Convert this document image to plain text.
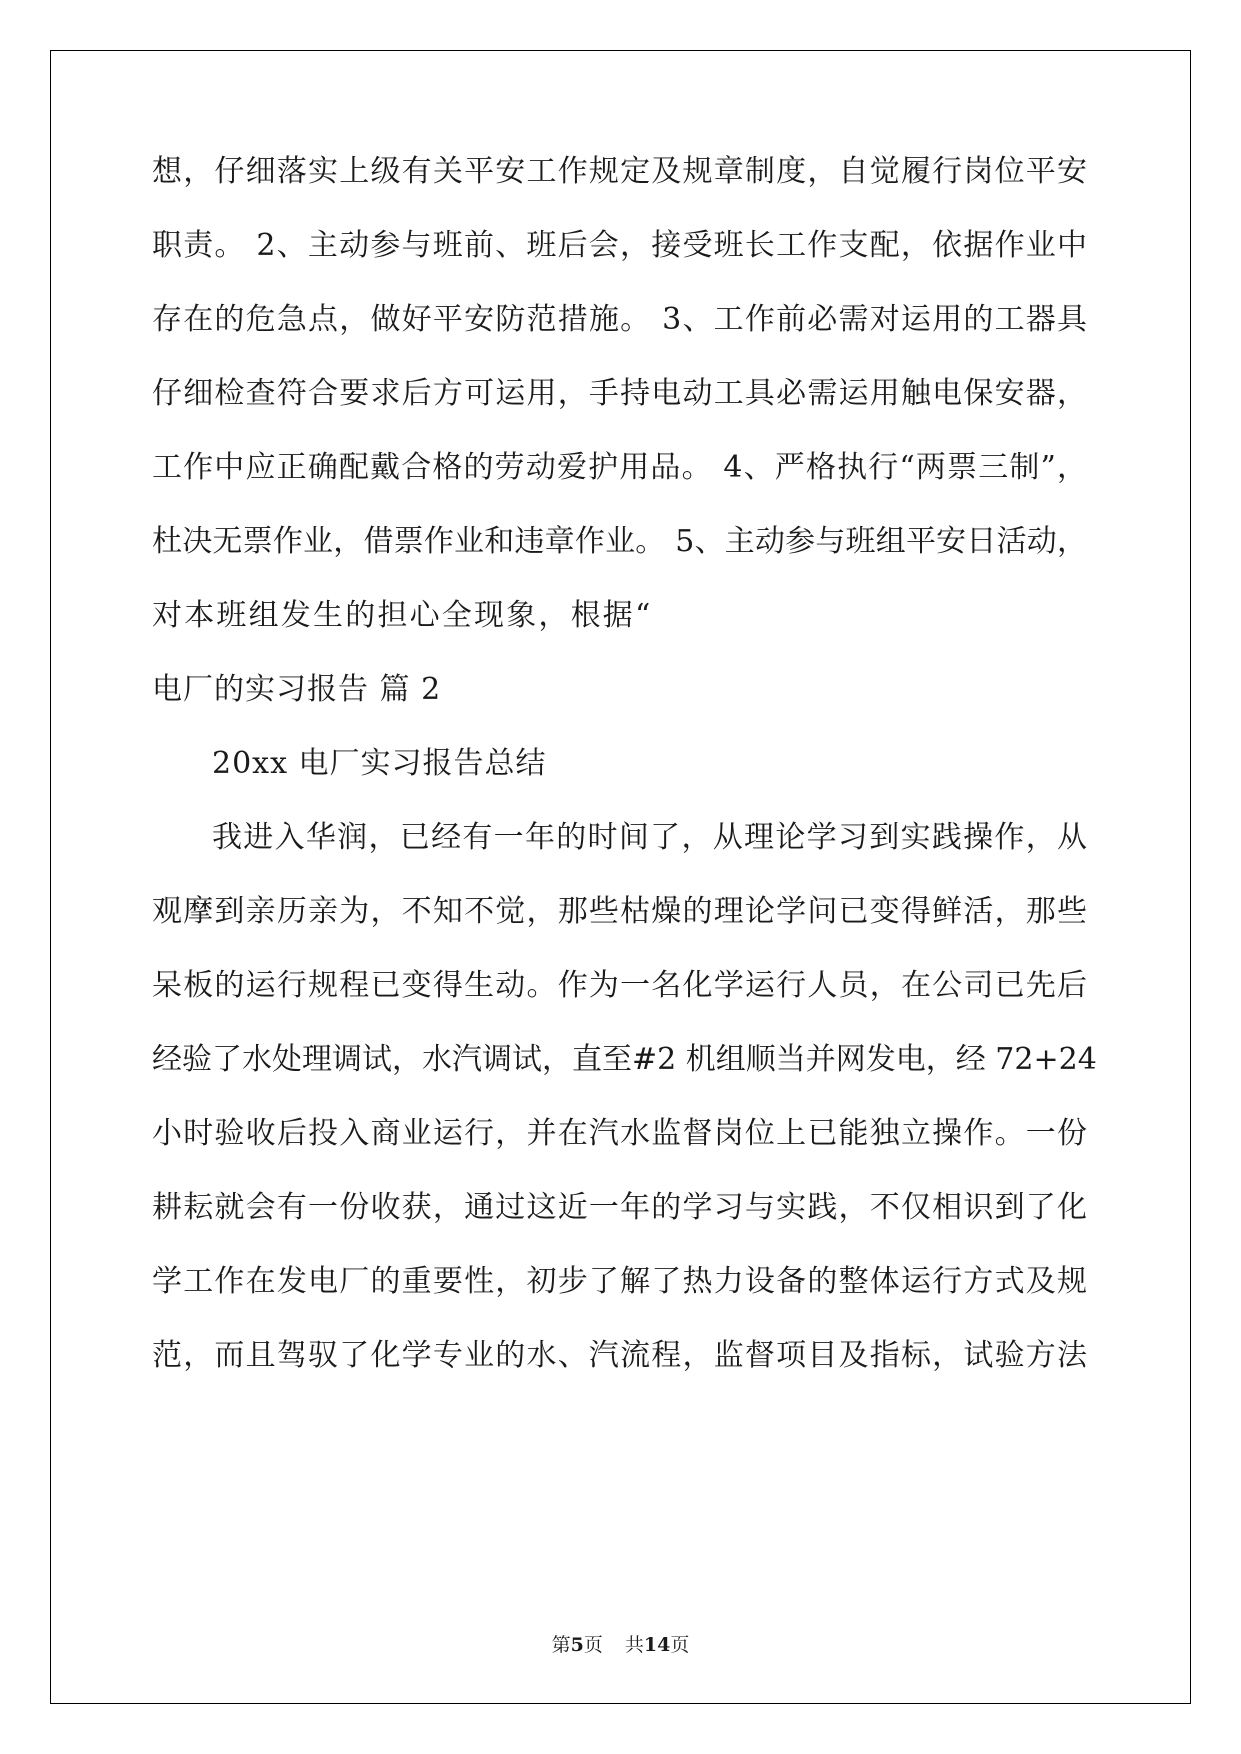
想，仔细落实上级有关平安工作规定及规章制度，自觉履行岗位平安
职责。 2、主动参与班前、班后会，接受班长工作支配，依据作业中
存在的危急点，做好平安防范措施。 3、工作前必需对运用的工器具
仔细检查符合要求后方可运用，手持电动工具必需运用触电保安器，
工作中应正确配戴合格的劳动爱护用品。 4、严格执行“两票三制”，
杜决无票作业，借票作业和违章作业。 5、主动参与班组平安日活动，
对本班组发生的担心全现象，根据“
电厂的实习报告 篇 2
20xx 电厂实习报告总结
我进入华润，已经有一年的时间了，从理论学习到实践操作，从
观摩到亲历亲为，不知不觉，那些枯燥的理论学问已变得鲜活，那些
呆板的运行规程已变得生动。作为一名化学运行人员，在公司已先后
经验了水处理调试，水汽调试，直至#2 机组顺当并网发电，经 72+24
小时验收后投入商业运行，并在汽水监督岗位上已能独立操作。一份
耕耘就会有一份收获，通过这近一年的学习与实践，不仅相识到了化
学工作在发电厂的重要性，初步了解了热力设备的整体运行方式及规
范，而且驾驭了化学专业的水、汽流程，监督项目及指标，试验方法
第5页 共14页
